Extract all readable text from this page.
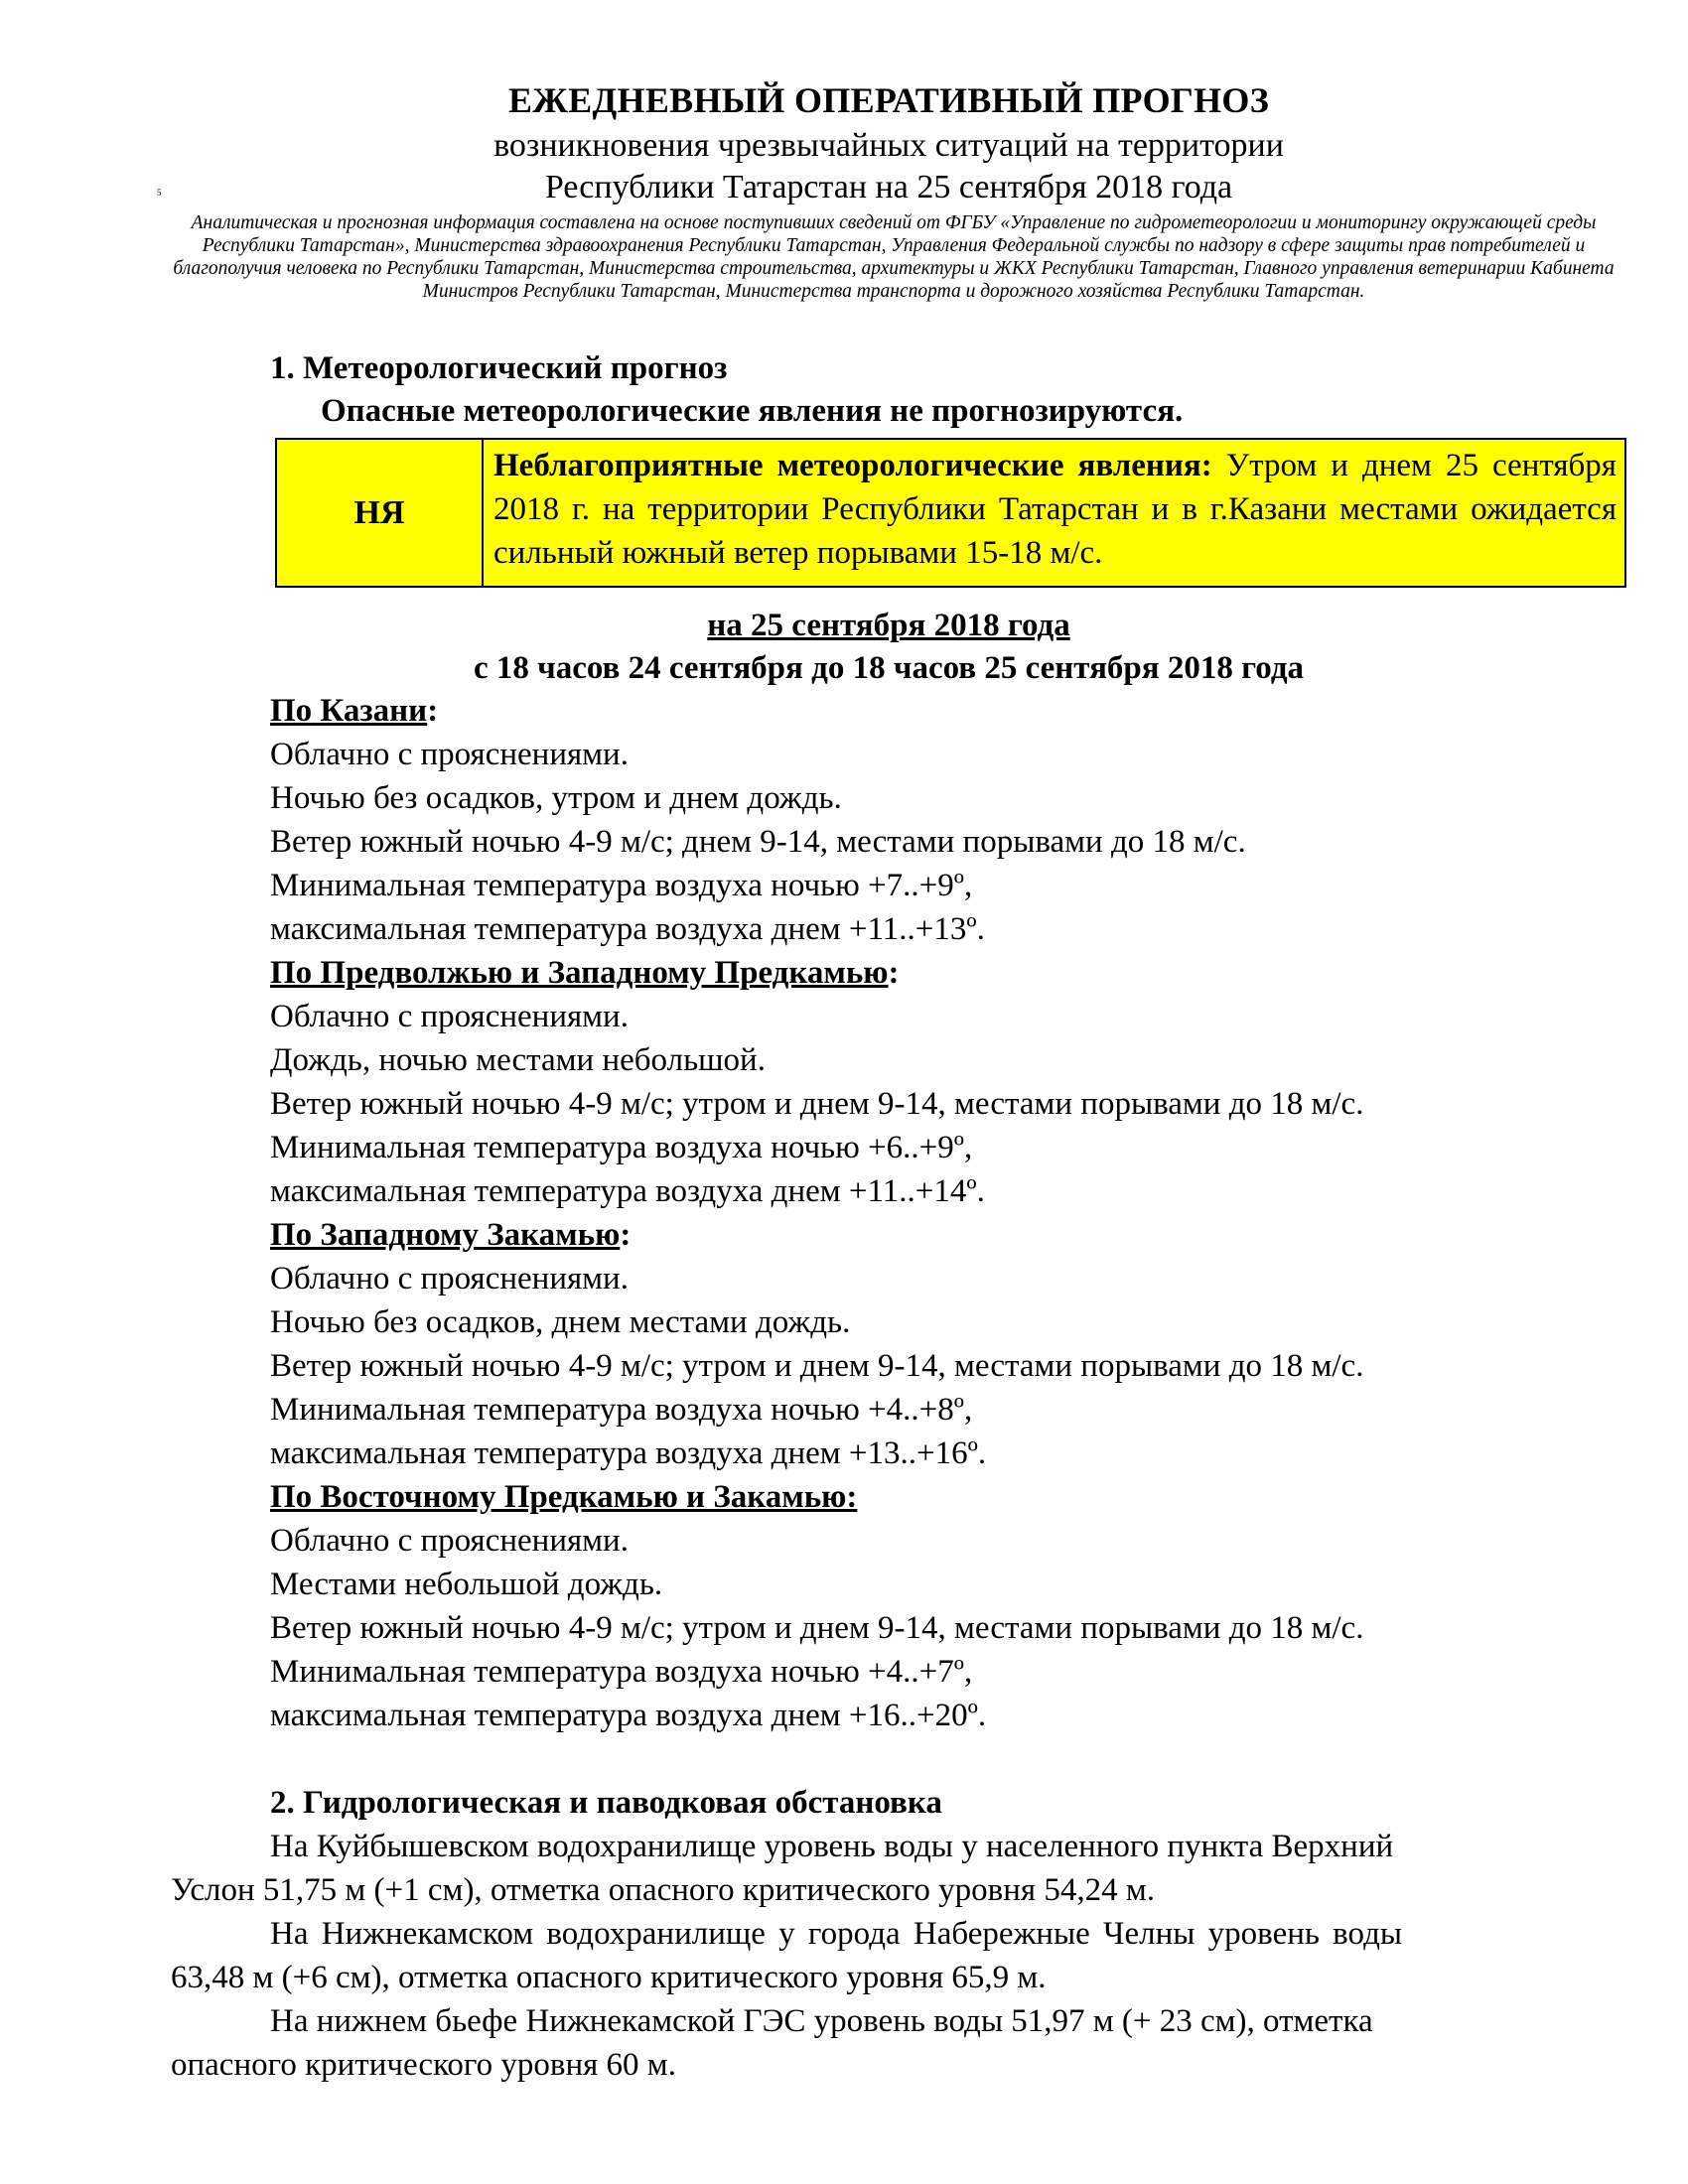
ЕЖЕДНЕВНЫЙ ОПЕРАТИВНЫЙ ПРОГНОЗ
возникновения чрезвычайных ситуаций на территории
Республики Татарстан на 25 сентября 2018 года
5
Аналитическая и прогнозная информация составлена на основе поступивших сведений от ФГБУ «Управление по гидрометеорологии и мониторингу окружающей среды Республики Татарстан», Министерства здравоохранения Республики Татарстан, Управления Федеральной службы по надзору в сфере защиты прав потребителей и благополучия человека по Республики Татарстан, Министерства строительства, архитектуры и ЖКХ Республики Татарстан, Главного управления ветеринарии Кабинета Министров Республики Татарстан, Министерства транспорта и дорожного хозяйства Республики Татарстан.
1. Метеорологический прогноз
Опасные метеорологические явления не прогнозируются.
НЯ
Неблагоприятные метеорологические явления: Утром и днем 25 сентября 2018 г. на территории Республики Татарстан и в г.Казани местами ожидается сильный южный ветер порывами 15-18 м/с.
на 25 сентября 2018 года
с 18 часов 24 сентября до 18 часов 25 сентября 2018 года
По Казани:
Облачно с прояснениями.
Ночью без осадков, утром и днем дождь.
Ветер южный ночью 4-9 м/с; днем 9-14, местами порывами до 18 м/с.
Минимальная температура воздуха ночью +7..+9º,
максимальная температура воздуха днем +11..+13º.
По Предволжью и Западному Предкамью:
Облачно с прояснениями.
Дождь, ночью местами небольшой.
Ветер южный ночью 4-9 м/с; утром и днем 9-14, местами порывами до 18 м/с.
Минимальная температура воздуха ночью +6..+9º,
максимальная температура воздуха днем +11..+14º.
По Западному Закамью:
Облачно с прояснениями.
Ночью без осадков, днем местами дождь.
Ветер южный ночью 4-9 м/с; утром и днем 9-14, местами порывами до 18 м/с.
Минимальная температура воздуха ночью +4..+8º,
максимальная температура воздуха днем +13..+16º.
По Восточному Предкамью и Закамью:
Облачно с прояснениями.
Местами небольшой дождь.
Ветер южный ночью 4-9 м/с; утром и днем 9-14, местами порывами до 18 м/с.
Минимальная температура воздуха ночью +4..+7º,
максимальная температура воздуха днем +16..+20º.
2. Гидрологическая и паводковая обстановка
На Куйбышевском водохранилище уровень воды у населенного пункта Верхний
Услон 51,75 м (+1 см), отметка опасного критического уровня 54,24 м.
На Нижнекамском водохранилище у города Набережные Челны уровень воды
63,48 м (+6 см), отметка опасного критического уровня 65,9 м.
На нижнем бьефе Нижнекамской ГЭС уровень воды 51,97 м (+ 23 см), отметка
опасного критического уровня 60 м.
